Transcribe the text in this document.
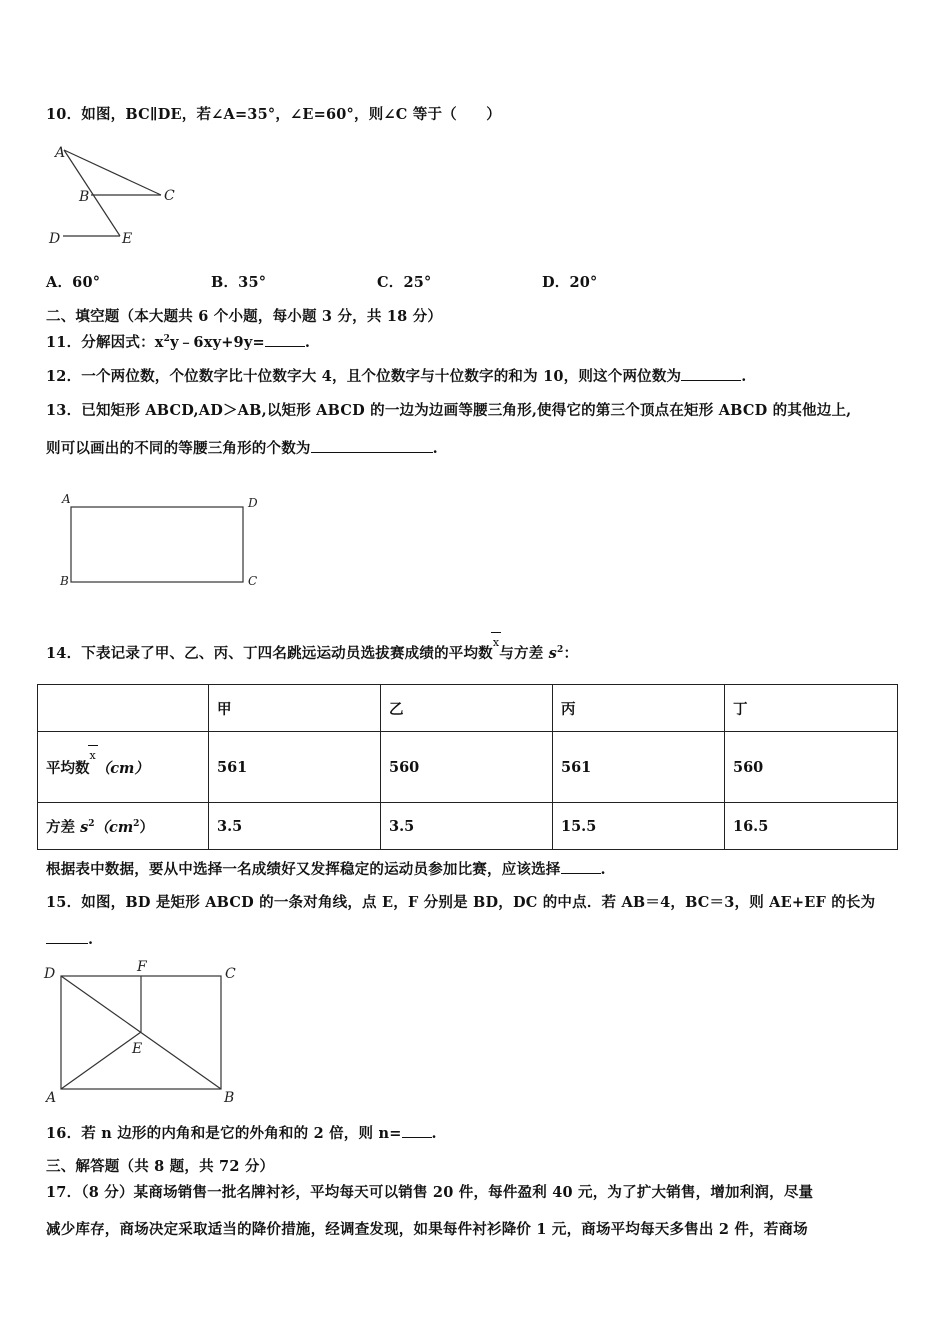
10．如图，BC∥DE，若∠A=35°，∠E=60°，则∠C 等于（　　）
A
B	C
D	E
A．60°	B．35°	C．25°	D．20°
二、填空题（本大题共 6 个小题，每小题 3 分，共 18 分）
11．分解因式：$x^2y﹣6xy+9y=$	.
12．一个两位数，个位数字比十位数字大 4，且个位数字与十位数字的和为 10，则这个两位数为	.
13．已知矩形 ABCD,AD＞AB,以矩形 ABCD 的一边为边画等腰三角形,使得它的第三个顶点在矩形 ABCD 的其他边上,
则可以画出的不同的等腰三角形的个数为	.
A	D
B	C
14．下表记录了甲、乙、丙、丁四名跳远运动员选拔赛成绩的平均数x与方差 $s^2$：
	甲	乙	丙	丁
平均数x（cm）	561	560	561	560
方差 $s^2(cm^2)$	3.5	3.5	15.5	16.5
根据表中数据，要从中选择一名成绩好又发挥稳定的运动员参加比赛，应该选择	.
15．如图，BD 是矩形 ABCD 的一条对角线，点 E，F 分别是 BD，DC 的中点．若 AB＝4，BC＝3，则 AE+EF 的长为
.
D	F	C
E
A	B
16．若 n 边形的内角和是它的外角和的 2 倍，则 n= .
三、解答题（共 8 题，共 72 分）
17．（8 分）某商场销售一批名牌衬衫，平均每天可以销售 20 件，每件盈利 40 元，为了扩大销售，增加利润，尽量
减少库存，商场决定采取适当的降价措施，经调查发现，如果每件衬衫降价 1 元，商场平均每天多售出 2 件，若商场
